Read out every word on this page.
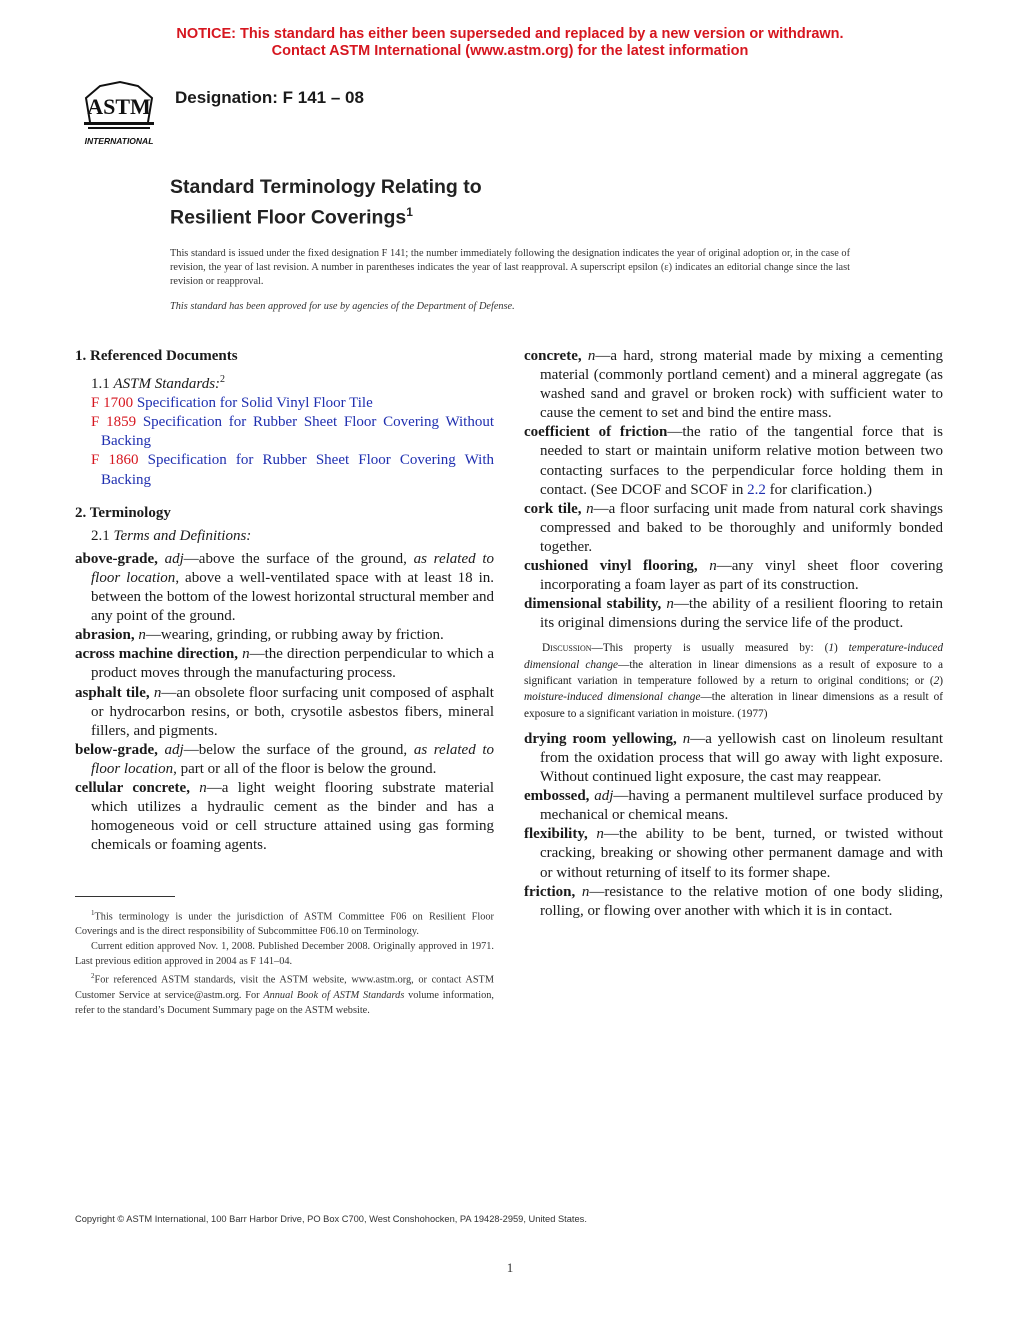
NOTICE: This standard has either been superseded and replaced by a new version or withdrawn.
Contact ASTM International (www.astm.org) for the latest information
ASTM
INTERNATIONAL
Designation: F 141 – 08
Standard Terminology Relating to
Resilient Floor Coverings$^1$
This standard is issued under the fixed designation F 141; the number immediately following the designation indicates the year of original adoption or, in the case of revision, the year of last revision. A number in parentheses indicates the year of last reapproval. A superscript epsilon (ε) indicates an editorial change since the last revision or reapproval.
This standard has been approved for use by agencies of the Department of Defense.
1. Referenced Documents
1.1 ASTM Standards:$^2$
F 1700 Specification for Solid Vinyl Floor Tile
F 1859 Specification for Rubber Sheet Floor Covering Without Backing
F 1860 Specification for Rubber Sheet Floor Covering With Backing
2. Terminology
2.1 Terms and Definitions:

above-grade, adj—above the surface of the ground, as related to floor location, above a well-ventilated space with at least 18 in. between the bottom of the lowest horizontal structural member and any point of the ground.

abrasion, n—wearing, grinding, or rubbing away by friction.

across machine direction, n—the direction perpendicular to which a product moves through the manufacturing process.

asphalt tile, n—an obsolete floor surfacing unit composed of asphalt or hydrocarbon resins, or both, crysotile asbestos fibers, mineral fillers, and pigments.

below-grade, adj—below the surface of the ground, as related to floor location, part or all of the floor is below the ground.

cellular concrete, n—a light weight flooring substrate material which utilizes a hydraulic cement as the binder and has a homogeneous void or cell structure attained using gas forming chemicals or foaming agents.

concrete, n—a hard, strong material made by mixing a cementing material (commonly portland cement) and a mineral aggregate (as washed sand and gravel or broken rock) with sufficient water to cause the cement to set and bind the entire mass.

coefficient of friction—the ratio of the tangential force that is needed to start or maintain uniform relative motion between two contacting surfaces to the perpendicular force holding them in contact. (See DCOF and SCOF in 2.2 for clarification.)

cork tile, n—a floor surfacing unit made from natural cork shavings compressed and baked to be thoroughly and uniformly bonded together.

cushioned vinyl flooring, n—any vinyl sheet floor covering incorporating a foam layer as part of its construction.

dimensional stability, n—the ability of a resilient flooring to retain its original dimensions during the service life of the product.

Discussion—This property is usually measured by: (1) temperature-induced dimensional change—the alteration in linear dimensions as a result of exposure to a significant variation in temperature followed by a return to original conditions; or (2) moisture-induced dimensional change—the alteration in linear dimensions as a result of exposure to a significant variation in moisture. (1977)

drying room yellowing, n—a yellowish cast on linoleum resultant from the oxidation process that will go away with light exposure. Without continued light exposure, the cast may reappear.

embossed, adj—having a permanent multilevel surface produced by mechanical or chemical means.

flexibility, n—the ability to be bent, turned, or twisted without cracking, breaking or showing other permanent damage and with or without returning of itself to its former shape.

friction, n—resistance to the relative motion of one body sliding, rolling, or flowing over another with which it is in contact.

$^1$This terminology is under the jurisdiction of ASTM Committee F06 on Resilient Floor Coverings and is the direct responsibility of Subcommittee F06.10 on Terminology.

Current edition approved Nov. 1, 2008. Published December 2008. Originally approved in 1971. Last previous edition approved in 2004 as F 141–04.

$^2$For referenced ASTM standards, visit the ASTM website, www.astm.org, or contact ASTM Customer Service at service@astm.org. For Annual Book of ASTM Standards volume information, refer to the standard’s Document Summary page on the ASTM website.

Copyright © ASTM International, 100 Barr Harbor Drive, PO Box C700, West Conshohocken, PA 19428-2959, United States.
1
